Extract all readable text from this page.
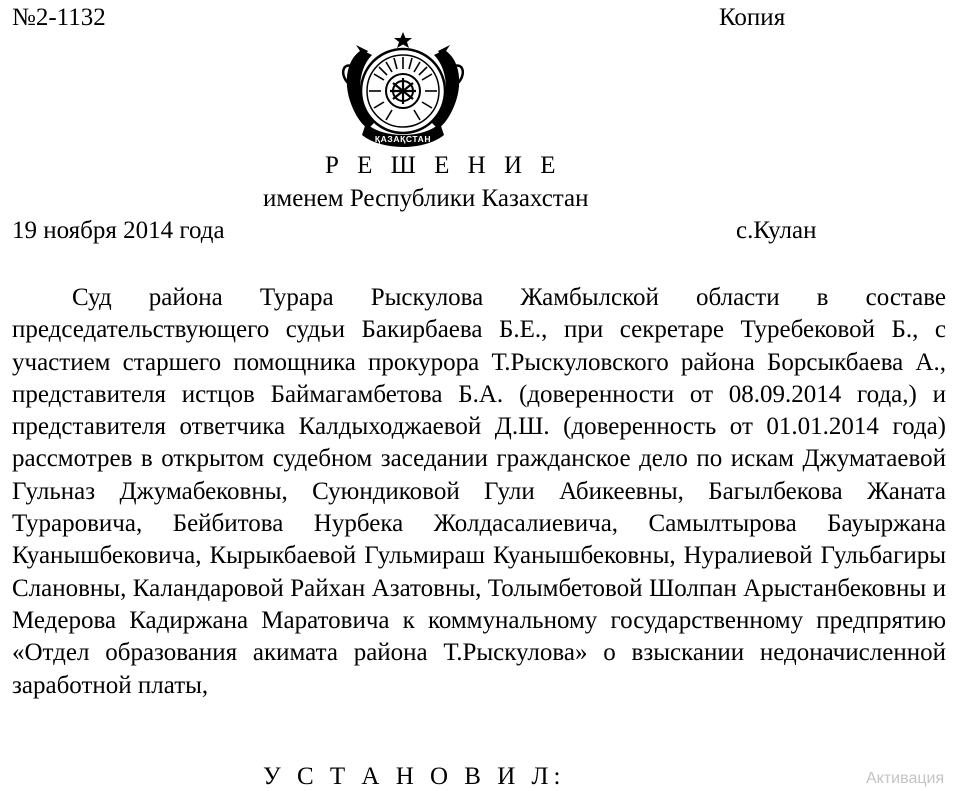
№2-1132	Копия
ҚАЗАҚСТАН
Р Е Ш Е Н И Е
именем Республики Казахстан
19 ноября 2014 года	с.Кулан

Суд района Турара Рыскулова Жамбылской области в составе председательствующего судьи Бакирбаева Б.Е., при секретаре Туребековой Б., с участием старшего помощника прокурора Т.Рыскуловского района Борсыкбаева А., представителя истцов Баймагамбетова Б.А. (доверенности от 08.09.2014 года,) и представителя ответчика Калдыходжаевой Д.Ш. (доверенность от 01.01.2014 года) рассмотрев в открытом судебном заседании гражданское дело по искам Джуматаевой Гульназ Джумабековны, Суюндиковой Гули Абикеевны, Багылбекова Жаната Тураровича, Бейбитова Нурбека Жолдасалиевича, Самылтырова Бауыржана Куанышбековича, Кырыкбаевой Гульмираш Куанышбековны, Нуралиевой Гульбагиры Слановны, Каландаровой Райхан Азатовны, Толымбетовой Шолпан Арыстанбековны и Медерова Кадиржана Маратовича к коммунальному государственному предпрятию «Отдел образования акимата района Т.Рыскулова» о взыскании недоначисленной заработной платы,

У С Т А Н О В И Л:	Активация
